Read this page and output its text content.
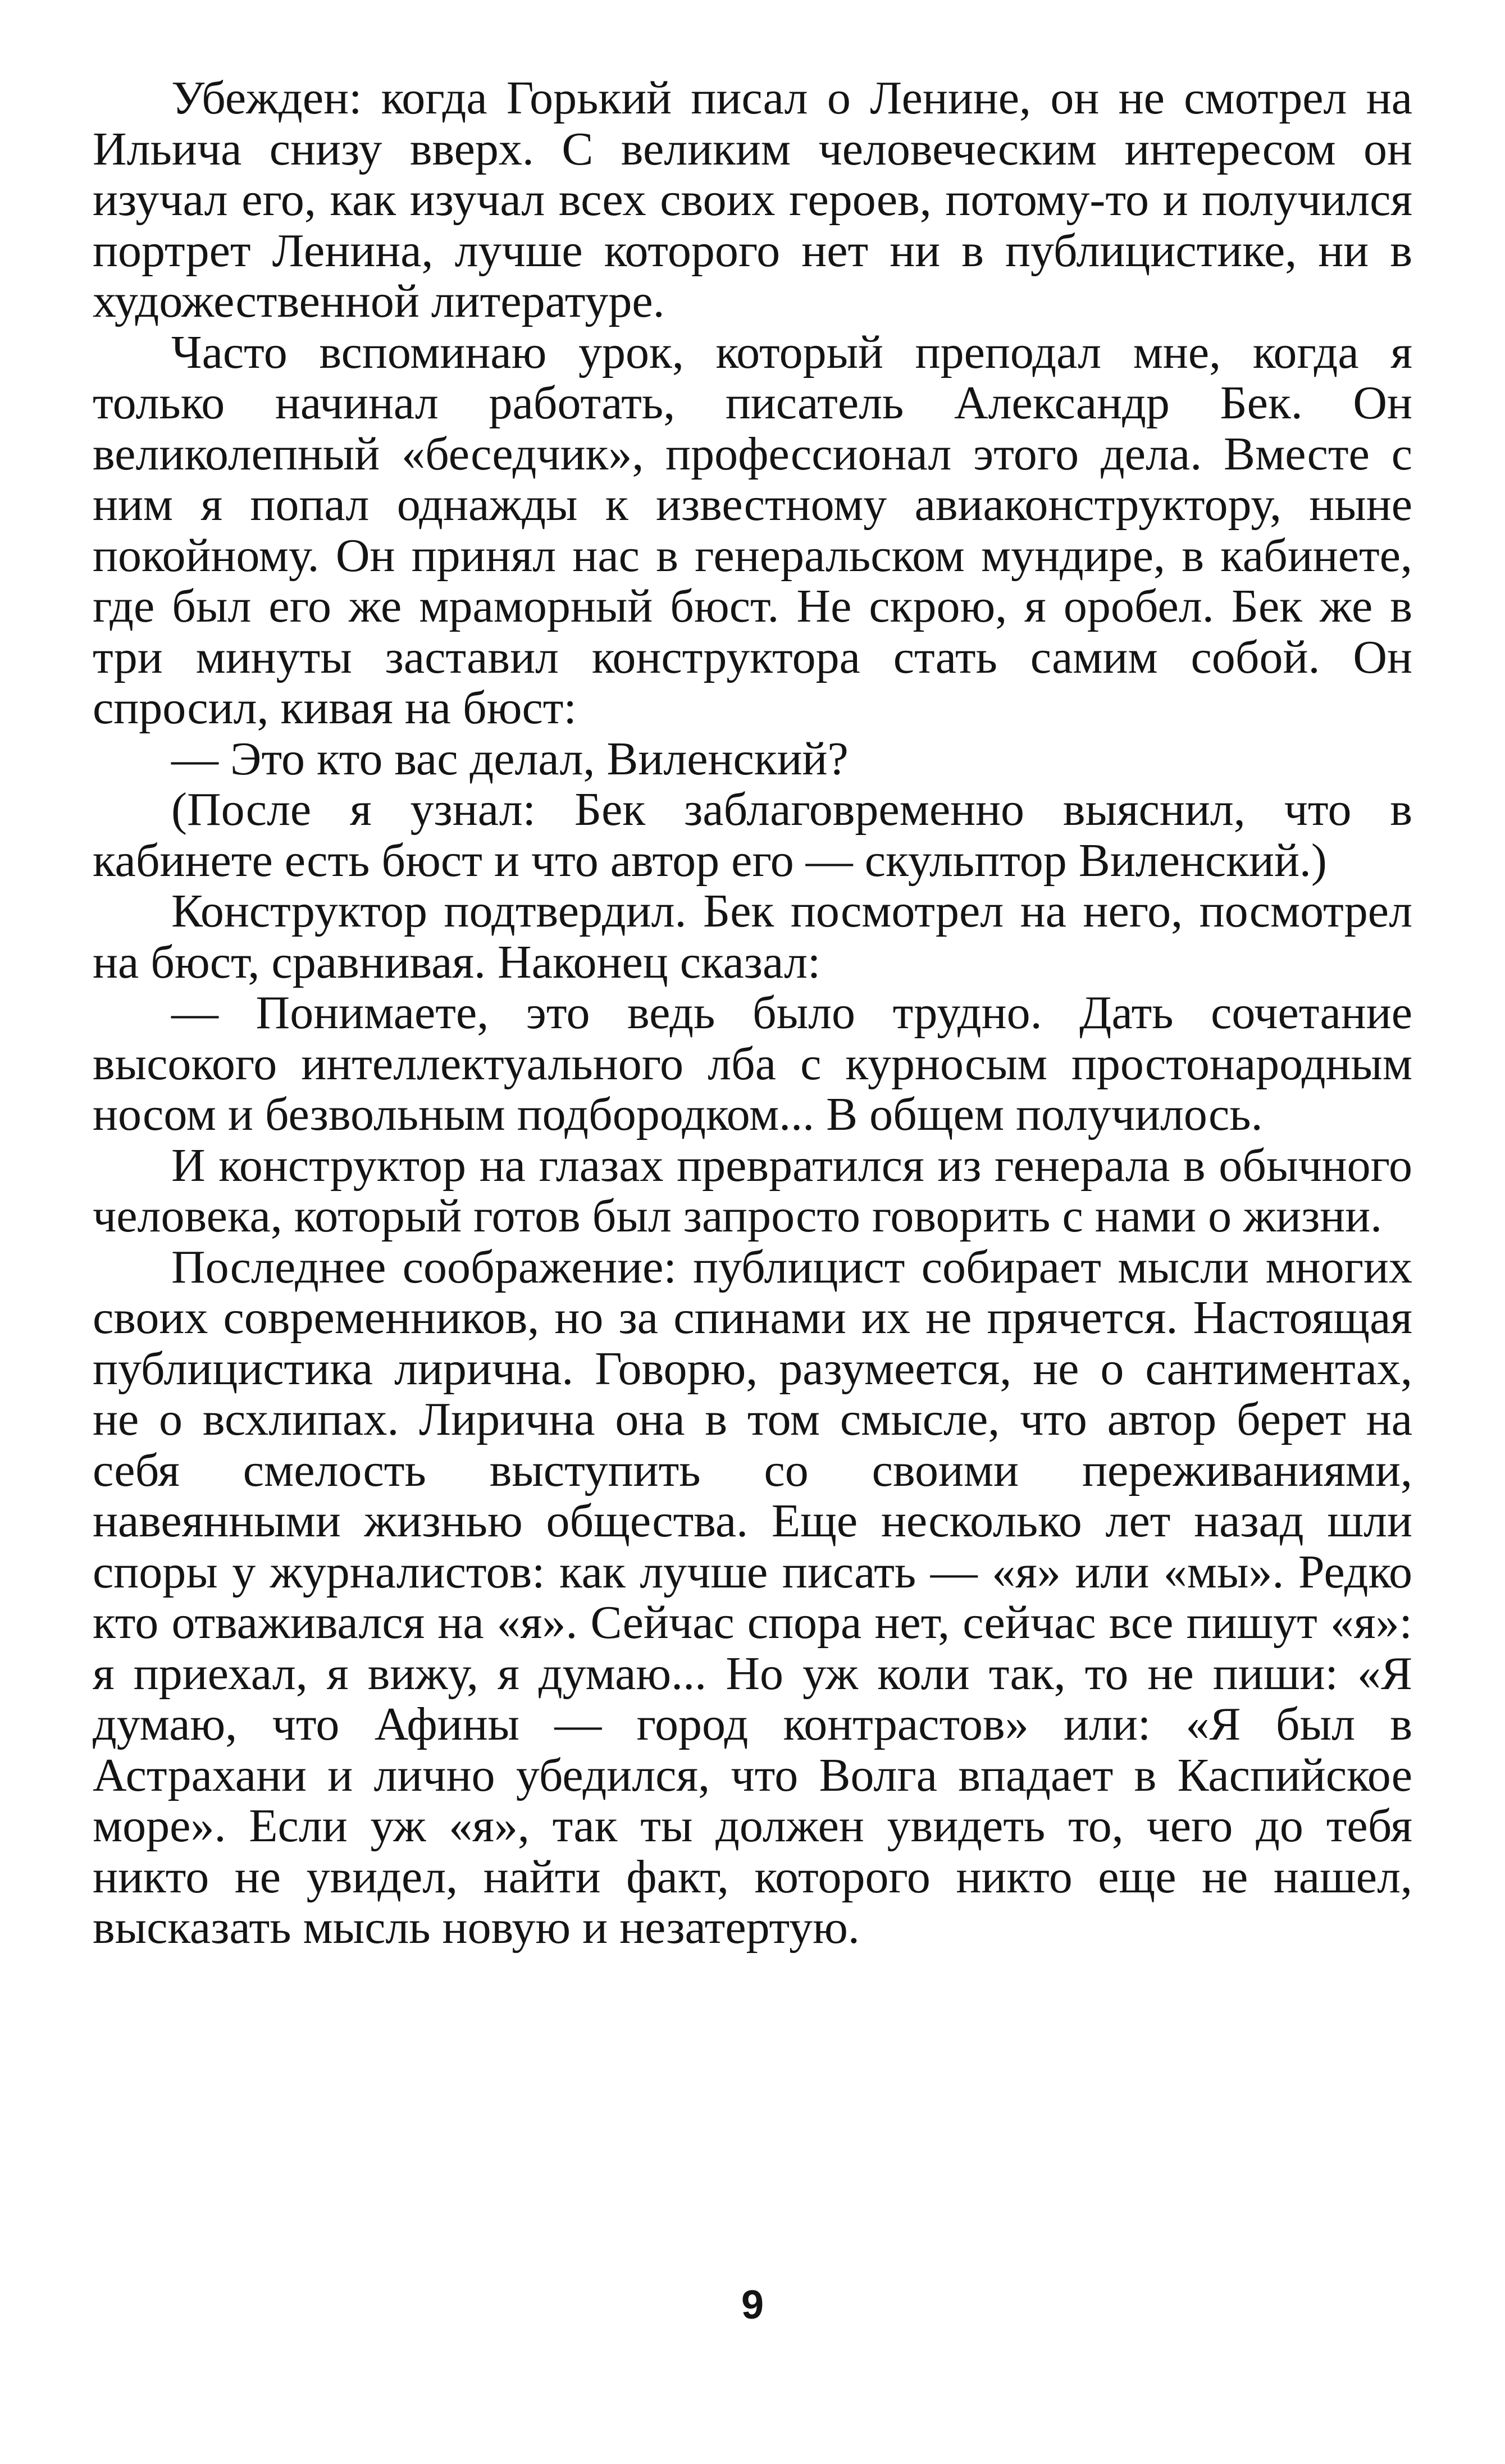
Убежден: когда Горький писал о Ленине, он не смотрел на Ильича снизу вверх. С великим человеческим интересом он изучал его, как изучал всех своих героев, потому-то и получился портрет Ленина, лучше которого нет ни в публицистике, ни в художественной литературе.

Часто вспоминаю урок, который преподал мне, когда я только начинал работать, писатель Александр Бек. Он великолепный «беседчик», профессионал этого дела. Вместе с ним я попал однажды к известному авиаконструктору, ныне покойному. Он принял нас в генеральском мундире, в кабинете, где был его же мраморный бюст. Не скрою, я оробел. Бек же в три минуты заставил конструктора стать самим собой. Он спросил, кивая на бюст:

— Это кто вас делал, Виленский?

(После я узнал: Бек заблаговременно выяснил, что в кабинете есть бюст и что автор его — скульптор Виленский.)

Конструктор подтвердил. Бек посмотрел на него, посмотрел на бюст, сравнивая. Наконец сказал:

— Понимаете, это ведь было трудно. Дать сочетание высокого интеллектуального лба с курносым простонародным носом и безвольным подбородком... В общем получилось.

И конструктор на глазах превратился из генерала в обычного человека, который готов был запросто говорить с нами о жизни.

Последнее соображение: публицист собирает мысли многих своих современников, но за спинами их не прячется. Настоящая публицистика лирична. Говорю, разумеется, не о сантиментах, не о всхлипах. Лирична она в том смысле, что автор берет на себя смелость выступить со своими переживаниями, навеянными жизнью общества. Еще несколько лет назад шли споры у журналистов: как лучше писать — «я» или «мы». Редко кто отваживался на «я». Сейчас спора нет, сейчас все пишут «я»: я приехал, я вижу, я думаю... Но уж коли так, то не пиши: «Я думаю, что Афины — город контрастов» или: «Я был в Астрахани и лично убедился, что Волга впадает в Каспийское море». Если уж «я», так ты должен увидеть то, чего до тебя никто не увидел, найти факт, которого никто еще не нашел, высказать мысль новую и незатертую.

9
